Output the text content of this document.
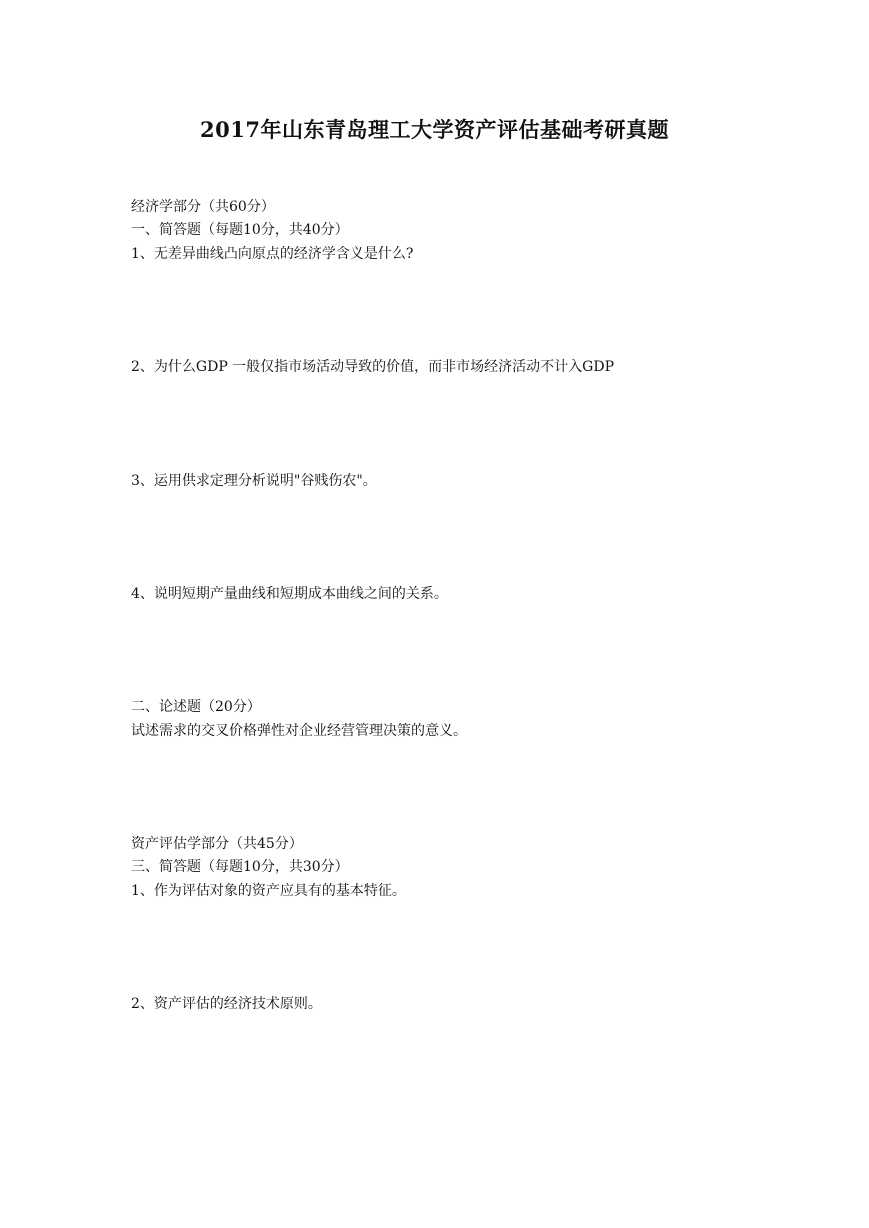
2017年山东青岛理工大学资产评估基础考研真题
经济学部分（共60分）
一、简答题（每题10分，共40分）
1、无差异曲线凸向原点的经济学含义是什么?
2、为什么GDP 一般仅指市场活动导致的价值，而非市场经济活动不计入GDP
3、运用供求定理分析说明"谷贱伤农"。
4、说明短期产量曲线和短期成本曲线之间的关系。
二、论述题（20分）
试述需求的交叉价格弹性对企业经营管理决策的意义。
资产评估学部分（共45分）
三、简答题（每题10分，共30分）
1、作为评估对象的资产应具有的基本特征。
2、资产评估的经济技术原则。
